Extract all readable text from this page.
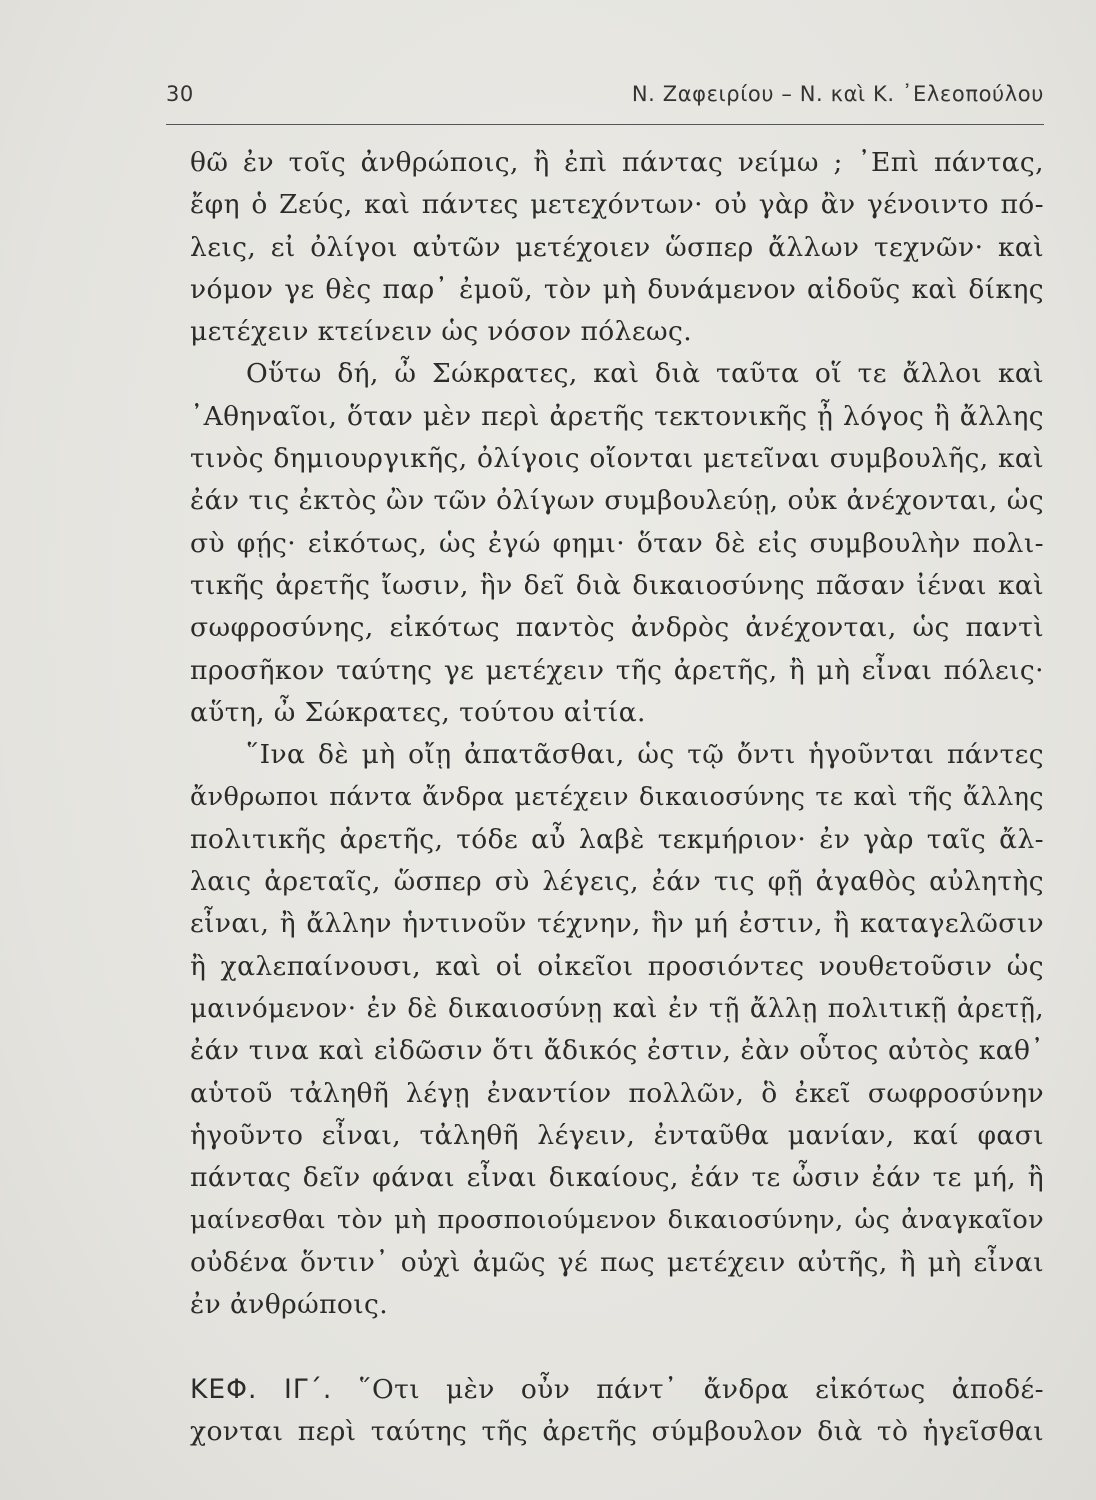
30	Ν. Ζαφειρίου – Ν. καὶ Κ. ᾿Ελεοπούλου
θῶ ἐν τοῖς ἀνθρώποις, ἢ ἐπὶ πάντας νείμω ; ᾿Επὶ πάντας,
ἔφη ὁ Ζεύς, καὶ πάντες μετεχόντων· οὐ γὰρ ἂν γένοιντο πό-
λεις, εἰ ὀλίγοι αὐτῶν μετέχοιεν ὥσπερ ἄλλων τεχνῶν· καὶ
νόμον γε θὲς παρ᾿ ἐμοῦ, τὸν μὴ δυνάμενον αἰδοῦς καὶ δίκης
μετέχειν κτείνειν ὡς νόσον πόλεως.
Οὕτω δή, ὦ Σώκρατες, καὶ διὰ ταῦτα οἵ τε ἄλλοι καὶ
᾿Αθηναῖοι, ὅταν μὲν περὶ ἀρετῆς τεκτονικῆς ᾖ λόγος ἢ ἄλλης
τινὸς δημιουργικῆς, ὀλίγοις οἴονται μετεῖναι συμβουλῆς, καὶ
ἐάν τις ἐκτὸς ὢν τῶν ὀλίγων συμβουλεύῃ, οὐκ ἀνέχονται, ὡς
σὺ φῄς· εἰκότως, ὡς ἐγώ φημι· ὅταν δὲ εἰς συμβουλὴν πολι-
τικῆς ἀρετῆς ἴωσιν, ἣν δεῖ διὰ δικαιοσύνης πᾶσαν ἰέναι καὶ
σωφροσύνης, εἰκότως παντὸς ἀνδρὸς ἀνέχονται, ὡς παντὶ
προσῆκον ταύτης γε μετέχειν τῆς ἀρετῆς, ἢ μὴ εἶναι πόλεις·
αὕτη, ὦ Σώκρατες, τούτου αἰτία.
῞Ινα δὲ μὴ οἴῃ ἀπατᾶσθαι, ὡς τῷ ὄντι ἡγοῦνται πάντες
ἄνθρωποι πάντα ἄνδρα μετέχειν δικαιοσύνης τε καὶ τῆς ἄλλης
πολιτικῆς ἀρετῆς, τόδε αὖ λαβὲ τεκμήριον· ἐν γὰρ ταῖς ἄλ-
λαις ἀρεταῖς, ὥσπερ σὺ λέγεις, ἐάν τις φῇ ἀγαθὸς αὐλητὴς
εἶναι, ἢ ἄλλην ἡντινοῦν τέχνην, ἣν μή ἐστιν, ἢ καταγελῶσιν
ἢ χαλεπαίνουσι, καὶ οἱ οἰκεῖοι προσιόντες νουθετοῦσιν ὡς
μαινόμενον· ἐν δὲ δικαιοσύνῃ καὶ ἐν τῇ ἄλλῃ πολιτικῇ ἀρετῇ,
ἐάν τινα καὶ εἰδῶσιν ὅτι ἄδικός ἐστιν, ἐὰν οὗτος αὐτὸς καθ᾿
αὑτοῦ τἀληθῆ λέγῃ ἐναντίον πολλῶν, ὃ ἐκεῖ σωφροσύνην
ἡγοῦντο εἶναι, τἀληθῆ λέγειν, ἐνταῦθα μανίαν, καί φασι
πάντας δεῖν φάναι εἶναι δικαίους, ἐάν τε ὦσιν ἐάν τε μή, ἢ
μαίνεσθαι τὸν μὴ προσποιούμενον δικαιοσύνην, ὡς ἀναγκαῖον
οὐδένα ὅντιν᾿ οὐχὶ ἀμῶς γέ πως μετέχειν αὐτῆς, ἢ μὴ εἶναι
ἐν ἀνθρώποις.
ΚΕΦ. ΙΓ΄. ῞Οτι μὲν οὖν πάντ᾿ ἄνδρα εἰκότως ἀποδέ-
χονται περὶ ταύτης τῆς ἀρετῆς σύμβουλον διὰ τὸ ἡγεῖσθαι
